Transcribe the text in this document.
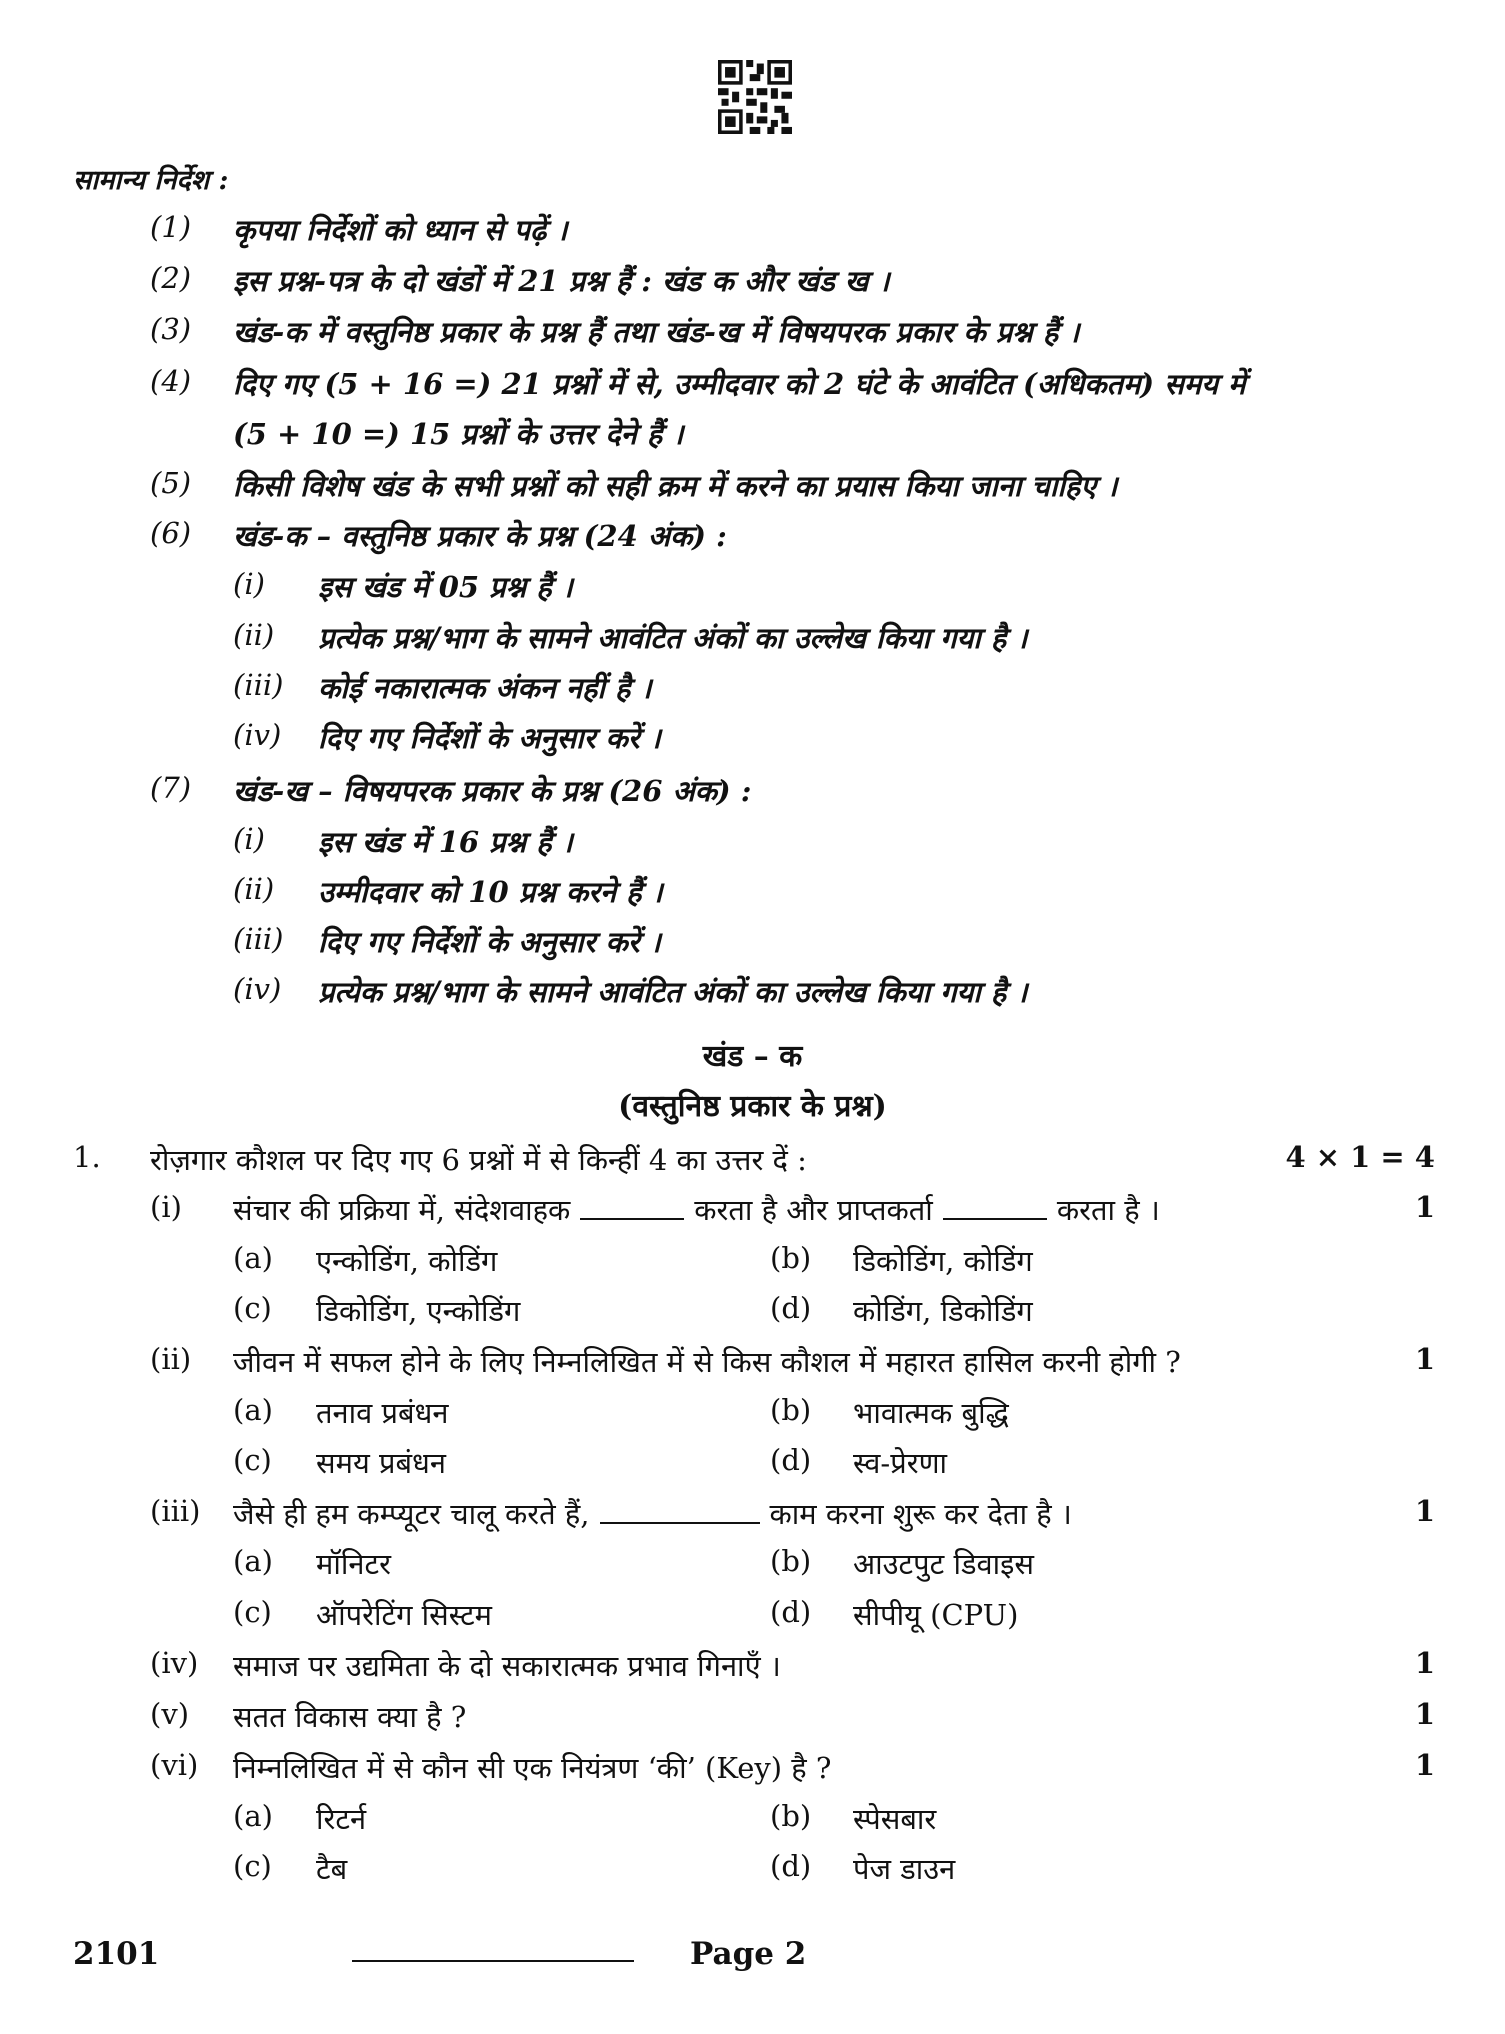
सामान्य निर्देश :
(1) कृपया निर्देशों को ध्यान से पढ़ें ।
(2) इस प्रश्न-पत्र के दो खंडों में 21 प्रश्न हैं : खंड क और खंड ख ।
(3) खंड-क में वस्तुनिष्ठ प्रकार के प्रश्न हैं तथा खंड-ख में विषयपरक प्रकार के प्रश्न हैं ।
(4) दिए गए (5 + 16 =) 21 प्रश्नों में से, उम्मीदवार को 2 घंटे के आवंटित (अधिकतम) समय में
(5 + 10 =) 15 प्रश्नों के उत्तर देने हैं ।
(5) किसी विशेष खंड के सभी प्रश्नों को सही क्रम में करने का प्रयास किया जाना चाहिए ।
(6) खंड-क – वस्तुनिष्ठ प्रकार के प्रश्न (24 अंक) :
(i) इस खंड में 05 प्रश्न हैं ।
(ii) प्रत्येक प्रश्न/भाग के सामने आवंटित अंकों का उल्लेख किया गया है ।
(iii) कोई नकारात्मक अंकन नहीं है ।
(iv) दिए गए निर्देशों के अनुसार करें ।
(7) खंड-ख – विषयपरक प्रकार के प्रश्न (26 अंक) :
(i) इस खंड में 16 प्रश्न हैं ।
(ii) उम्मीदवार को 10 प्रश्न करने हैं ।
(iii) दिए गए निर्देशों के अनुसार करें ।
(iv) प्रत्येक प्रश्न/भाग के सामने आवंटित अंकों का उल्लेख किया गया है ।
खंड – क
(वस्तुनिष्ठ प्रकार के प्रश्न)
1. रोज़गार कौशल पर दिए गए 6 प्रश्नों में से किन्हीं 4 का उत्तर दें :	4 × 1 = 4
(i) संचार की प्रक्रिया में, संदेशवाहक	करता है और प्राप्तकर्ता	करता है ।	1
(a) एन्कोडिंग, कोडिंग	(b) डिकोडिंग, कोडिंग
(c) डिकोडिंग, एन्कोडिंग	(d) कोडिंग, डिकोडिंग
(ii) जीवन में सफल होने के लिए निम्नलिखित में से किस कौशल में महारत हासिल करनी होगी ?	1
(a) तनाव प्रबंधन	(b) भावात्मक बुद्धि
(c) समय प्रबंधन	(d) स्व-प्रेरणा
(iii) जैसे ही हम कम्प्यूटर चालू करते हैं,	काम करना शुरू कर देता है ।	1
(a) मॉनिटर	(b) आउटपुट डिवाइस
(c) ऑपरेटिंग सिस्टम	(d) सीपीयू (CPU)
(iv) समाज पर उद्यमिता के दो सकारात्मक प्रभाव गिनाएँ ।	1
(v) सतत विकास क्या है ?	1
(vi) निम्नलिखित में से कौन सी एक नियंत्रण ‘की’ (Key) है ?	1
(a) रिटर्न	(b) स्पेसबार
(c) टैब	(d) पेज डाउन
2101	Page 2
